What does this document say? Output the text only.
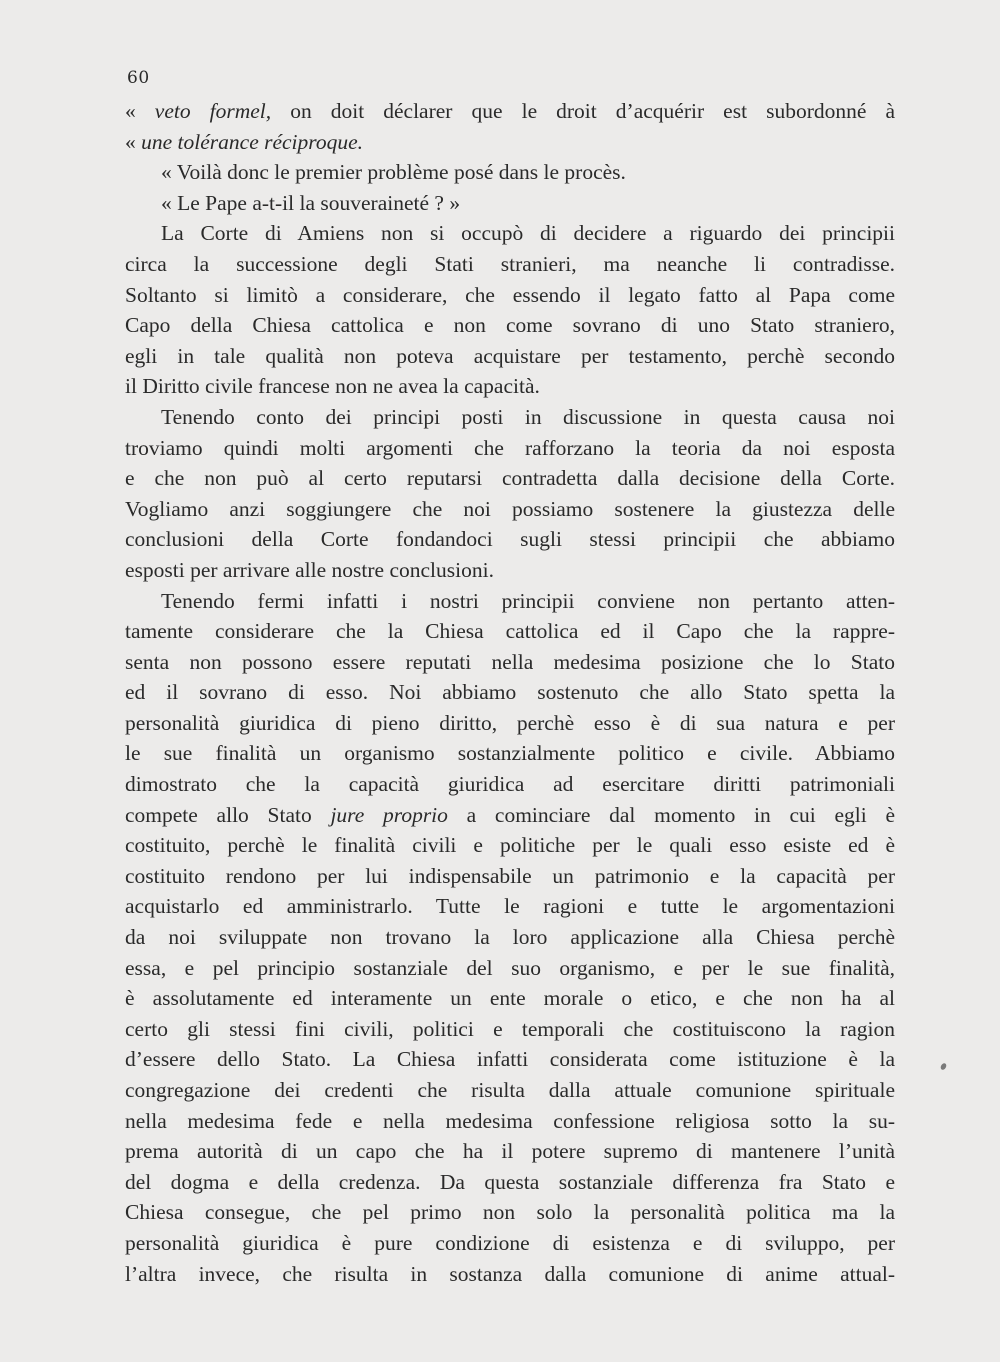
60
« veto formel, on doit déclarer que le droit d’acquérir est subordonné à
« une tolérance réciproque.
« Voilà donc le premier problème posé dans le procès.
« Le Pape a-t-il la souveraineté ? »
La Corte di Amiens non si occupò di decidere a riguardo dei principii
circa la successione degli Stati stranieri, ma neanche li contradisse.
Soltanto si limitò a considerare, che essendo il legato fatto al Papa come
Capo della Chiesa cattolica e non come sovrano di uno Stato straniero,
egli in tale qualità non poteva acquistare per testamento, perchè secondo
il Diritto civile francese non ne avea la capacità.
Tenendo conto dei principi posti in discussione in questa causa noi
troviamo quindi molti argomenti che rafforzano la teoria da noi esposta
e che non può al certo reputarsi contradetta dalla decisione della Corte.
Vogliamo anzi soggiungere che noi possiamo sostenere la giustezza delle
conclusioni della Corte fondandoci sugli stessi principii che abbiamo
esposti per arrivare alle nostre conclusioni.
Tenendo fermi infatti i nostri principii conviene non pertanto atten-
tamente considerare che la Chiesa cattolica ed il Capo che la rappre-
senta non possono essere reputati nella medesima posizione che lo Stato
ed il sovrano di esso. Noi abbiamo sostenuto che allo Stato spetta la
personalità giuridica di pieno diritto, perchè esso è di sua natura e per
le sue finalità un organismo sostanzialmente politico e civile. Abbiamo
dimostrato che la capacità giuridica ad esercitare diritti patrimoniali
compete allo Stato jure proprio a cominciare dal momento in cui egli è
costituito, perchè le finalità civili e politiche per le quali esso esiste ed è
costituito rendono per lui indispensabile un patrimonio e la capacità per
acquistarlo ed amministrarlo. Tutte le ragioni e tutte le argomentazioni
da noi sviluppate non trovano la loro applicazione alla Chiesa perchè
essa, e pel principio sostanziale del suo organismo, e per le sue finalità,
è assolutamente ed interamente un ente morale o etico, e che non ha al
certo gli stessi fini civili, politici e temporali che costituiscono la ragion
d’essere dello Stato. La Chiesa infatti considerata come istituzione è la
congregazione dei credenti che risulta dalla attuale comunione spirituale
nella medesima fede e nella medesima confessione religiosa sotto la su-
prema autorità di un capo che ha il potere supremo di mantenere l’unità
del dogma e della credenza. Da questa sostanziale differenza fra Stato e
Chiesa consegue, che pel primo non solo la personalità politica ma la
personalità giuridica è pure condizione di esistenza e di sviluppo, per
l’altra invece, che risulta in sostanza dalla comunione di anime attual-
